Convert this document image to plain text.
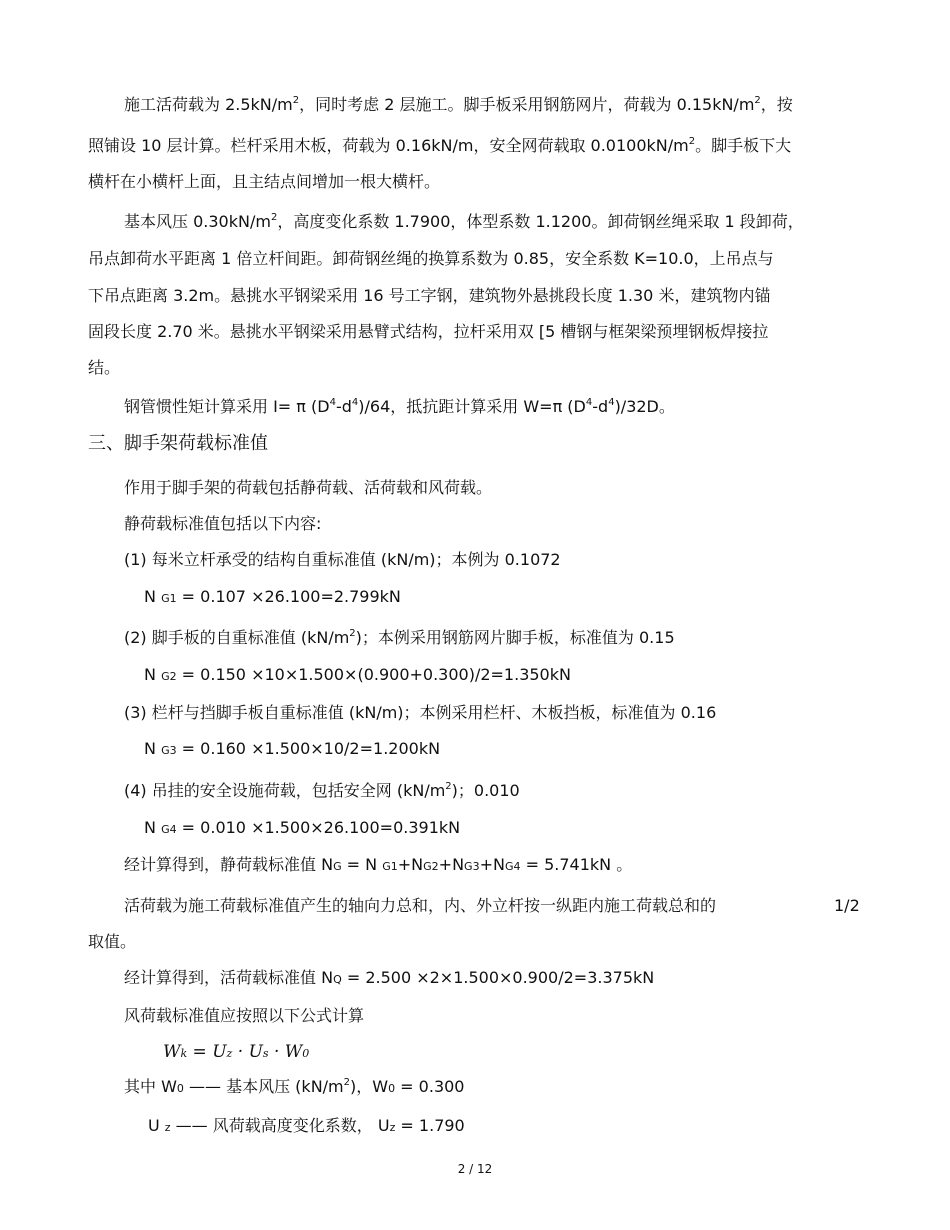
施工活荷载为 $2.5kN/m^2$，同时考虑 2 层施工。脚手板采用钢筋网片，荷载为 $0.15kN/m^2$，按
照铺设 10 层计算。栏杆采用木板，荷载为 0.16kN/m，安全网荷载取 $0.0100kN/m^2$。脚手板下大
横杆在小横杆上面，且主结点间增加一根大横杆。
基本风压 $0.30kN/m^2$，高度变化系数 1.7900，体型系数 1.1200。卸荷钢丝绳采取 1 段卸荷，
吊点卸荷水平距离 1 倍立杆间距。卸荷钢丝绳的换算系数为 0.85，安全系数 K=10.0，上吊点与
下吊点距离 3.2m。悬挑水平钢梁采用 16 号工字钢，建筑物外悬挑段长度 1.30 米，建筑物内锚
固段长度 2.70 米。悬挑水平钢梁采用悬臂式结构，拉杆采用双 [5 槽钢与框架梁预埋钢板焊接拉
结。
钢管惯性矩计算采用 I= π $(D^4-d^4)/64$，抵抗距计算采用 W=π $(D^4-d^4)/32D$。
三、脚手架荷载标准值
作用于脚手架的荷载包括静荷载、活荷载和风荷载。
静荷载标准值包括以下内容:
(1) 每米立杆承受的结构自重标准值 (kN/m)；本例为 0.1072
N G1 = 0.107 ×26.100=2.799kN
(2) 脚手板的自重标准值 $(kN/m^2)$；本例采用钢筋网片脚手板，标准值为 0.15
N G2 = 0.150 ×10×1.500×(0.900+0.300)/2=1.350kN
(3) 栏杆与挡脚手板自重标准值 (kN/m)；本例采用栏杆、木板挡板，标准值为 0.16
N G3 = 0.160 ×1.500×10/2=1.200kN
(4) 吊挂的安全设施荷载，包括安全网 $(kN/m^2)$；0.010
N G4 = 0.010 ×1.500×26.100=0.391kN
经计算得到，静荷载标准值 NG = N G1+NG2+NG3+NG4 = 5.741kN 。
活荷载为施工荷载标准值产生的轴向力总和，内、外立杆按一纵距内施工荷载总和的	1/2
取值。
经计算得到，活荷载标准值 NQ = 2.500 ×2×1.500×0.900/2=3.375kN
风荷载标准值应按照以下公式计算
Wk = Uz · Us · W0
其中 W0 —— 基本风压 $(kN/m^2)$，W0 = 0.300
U z —— 风荷载高度变化系数， Uz = 1.790
2 / 12
